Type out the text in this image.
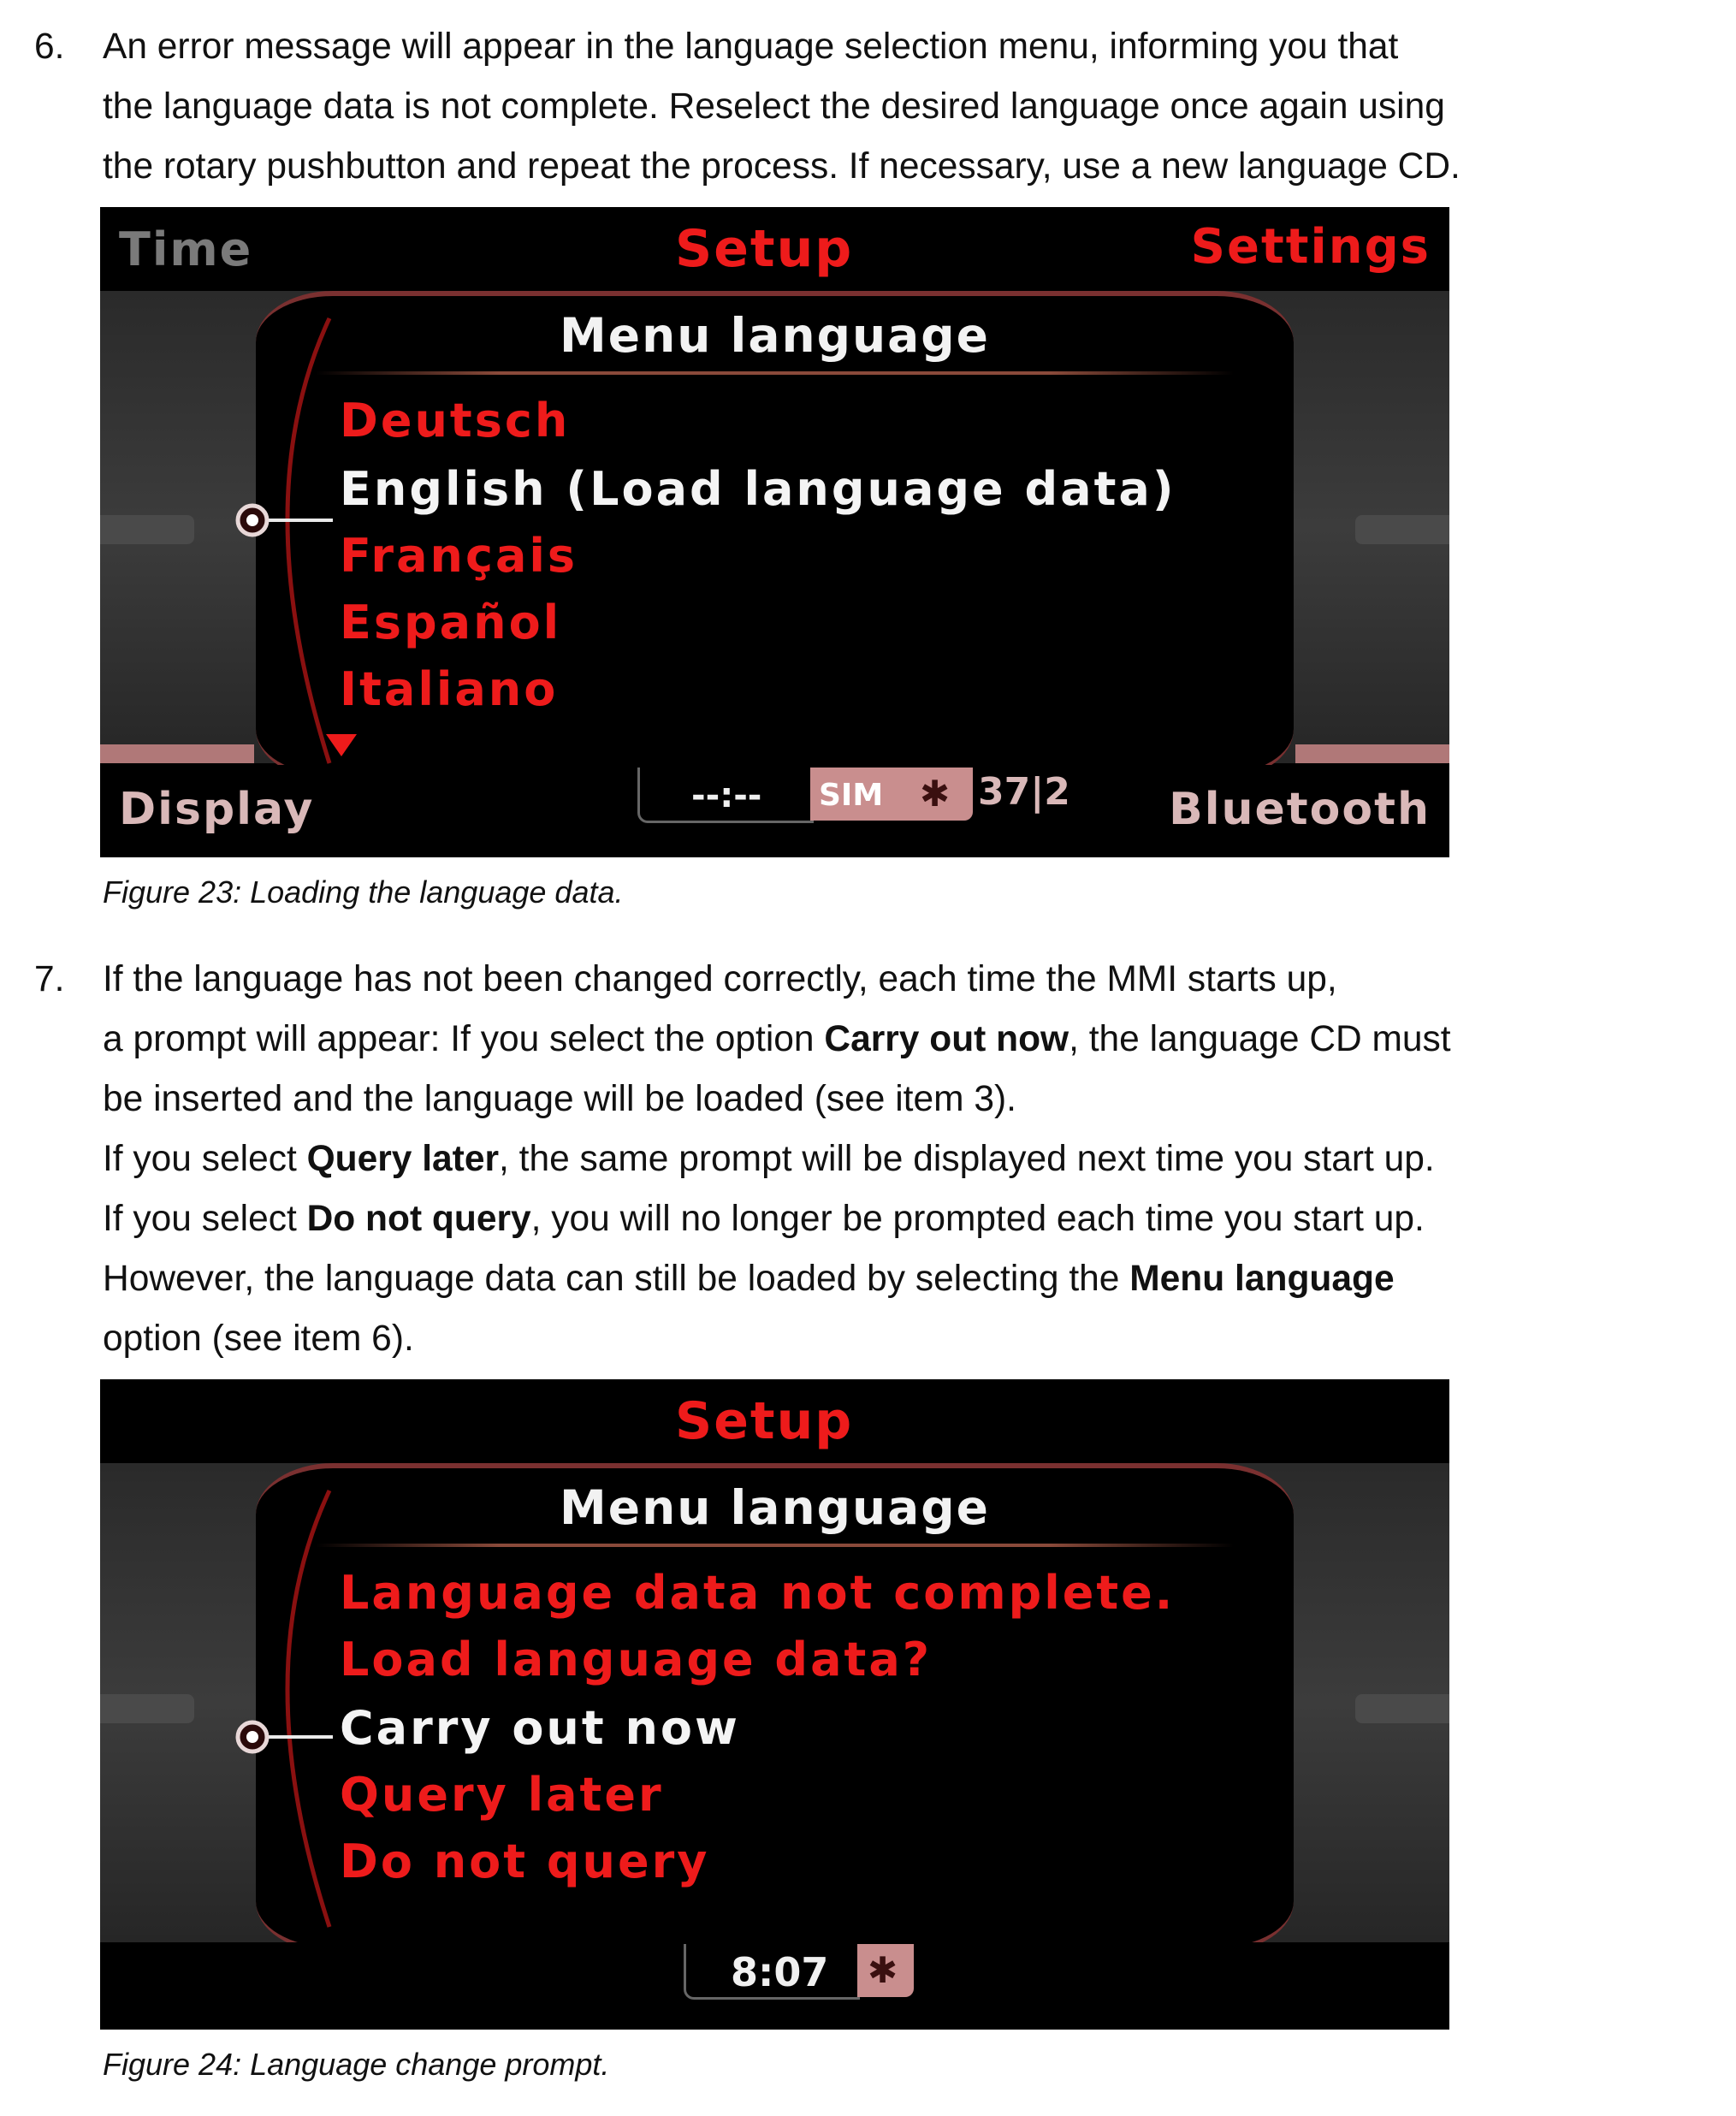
6. An error message will appear in the language selection menu, informing you that
the language data is not complete. Reselect the desired language once again using
the rotary pushbutton and repeat the process. If necessary, use a new language CD.
Time	Setup	Settings
Menu language
Deutsch
English (Load language data)
Français
Español
Italiano
Display	Bluetooth
--:-- SIM ✱ 37|2
Figure 23: Loading the language data.
7. If the language has not been changed correctly, each time the MMI starts up,
a prompt will appear: If you select the option Carry out now, the language CD must
be inserted and the language will be loaded (see item 3).
If you select Query later, the same prompt will be displayed next time you start up.
If you select Do not query, you will no longer be prompted each time you start up.
However, the language data can still be loaded by selecting the Menu language
option (see item 6).
Setup
Menu language
Language data not complete.
Load language data?
Carry out now
Query later
Do not query
8:07 ✱
Figure 24: Language change prompt.
